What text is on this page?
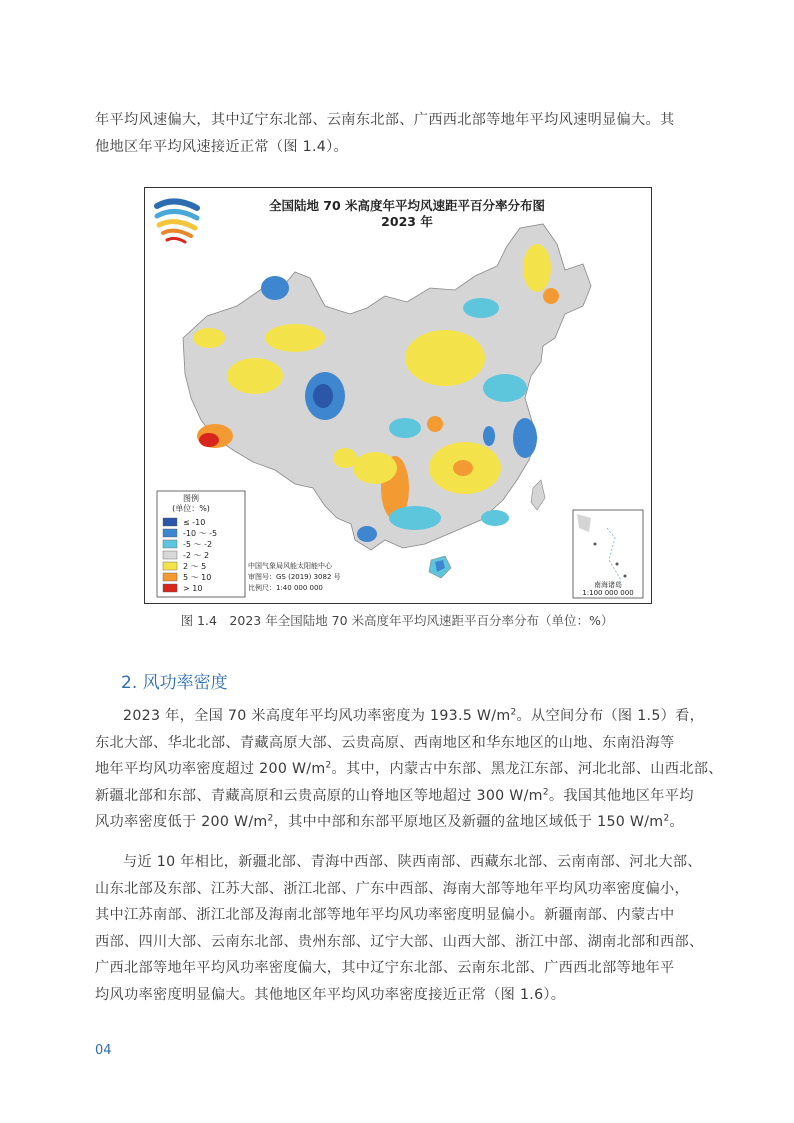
年平均风速偏大，其中辽宁东北部、云南东北部、广西西北部等地年平均风速明显偏大。其
他地区年平均风速接近正常（图 1.4）。
全国陆地 70 米高度年平均风速距平百分率分布图
2023 年
图例
(单位：%)
≤ -10
-10 ～ -5
-5 ～ -2
-2 ～ 2
2 ～ 5
5 ～ 10
> 10
中国气象局风能太阳能中心
审图号：GS (2019) 3082 号
比例尺：1:40 000 000	南海诸岛
1:100 000 000
图 1.4　2023 年全国陆地 70 米高度年平均风速距平百分率分布（单位：%）
2. 风功率密度
2023 年，全国 70 米高度年平均风功率密度为 193.5 $W/m^2$。从空间分布（图 1.5）看，
东北大部、华北北部、青藏高原大部、云贵高原、西南地区和华东地区的山地、东南沿海等
地年平均风功率密度超过 200 $W/m^2$。其中，内蒙古中东部、黑龙江东部、河北北部、山西北部、
新疆北部和东部、青藏高原和云贵高原的山脊地区等地超过 300 $W/m^2$。我国其他地区年平均
风功率密度低于 200 $W/m^2$，其中中部和东部平原地区及新疆的盆地区域低于 150 $W/m^2$。
与近 10 年相比，新疆北部、青海中西部、陕西南部、西藏东北部、云南南部、河北大部、
山东北部及东部、江苏大部、浙江北部、广东中西部、海南大部等地年平均风功率密度偏小，
其中江苏南部、浙江北部及海南北部等地年平均风功率密度明显偏小。新疆南部、内蒙古中
西部、四川大部、云南东北部、贵州东部、辽宁大部、山西大部、浙江中部、湖南北部和西部、
广西北部等地年平均风功率密度偏大，其中辽宁东北部、云南东北部、广西西北部等地年平
均风功率密度明显偏大。其他地区年平均风功率密度接近正常（图 1.6）。
04
